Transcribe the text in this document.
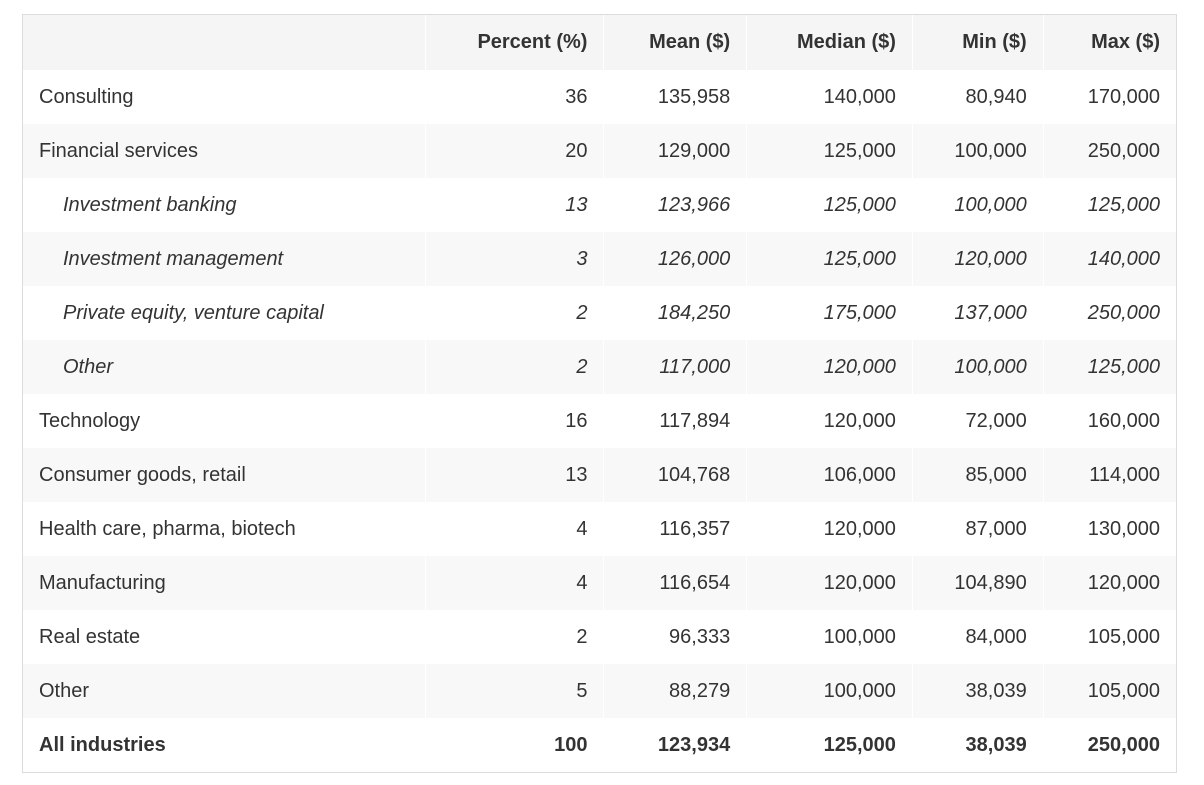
	Percent (%)	Mean ($)	Median ($)	Min ($)	Max ($)
Consulting	36	135,958	140,000	80,940	170,000
Financial services	20	129,000	125,000	100,000	250,000
Investment banking	13	123,966	125,000	100,000	125,000
Investment management	3	126,000	125,000	120,000	140,000
Private equity, venture capital	2	184,250	175,000	137,000	250,000
Other	2	117,000	120,000	100,000	125,000
Technology	16	117,894	120,000	72,000	160,000
Consumer goods, retail	13	104,768	106,000	85,000	114,000
Health care, pharma, biotech	4	116,357	120,000	87,000	130,000
Manufacturing	4	116,654	120,000	104,890	120,000
Real estate	2	96,333	100,000	84,000	105,000
Other	5	88,279	100,000	38,039	105,000
All industries	100	123,934	125,000	38,039	250,000
